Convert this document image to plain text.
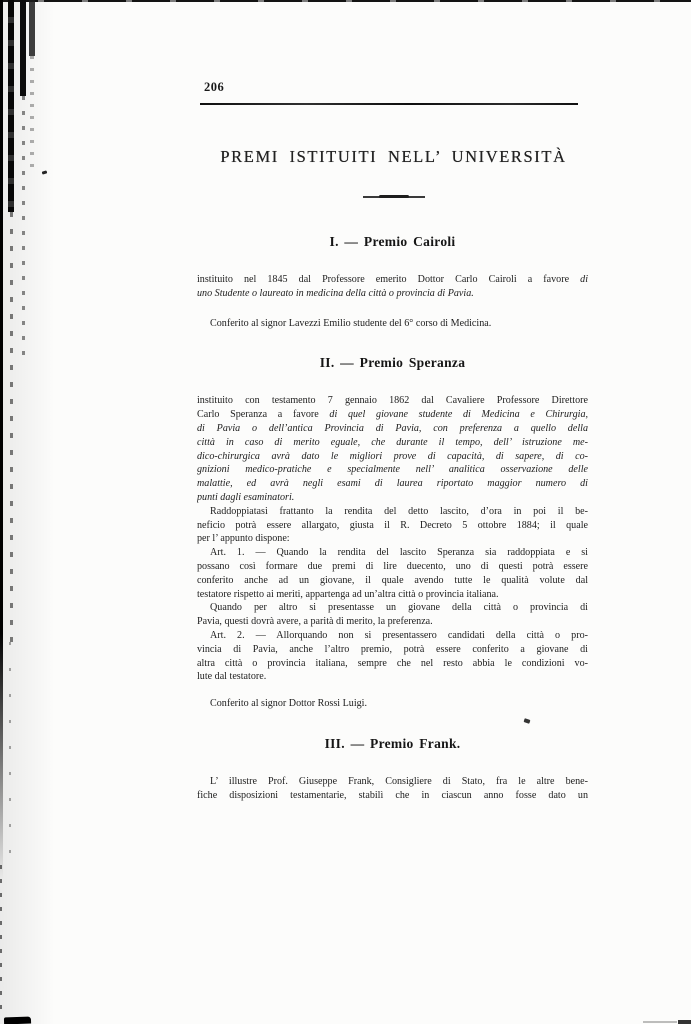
206
PREMI ISTITUITI NELL’ UNIVERSITÀ
I. — Premio Cairoli
instituito nel 1845 dal Professore emerito Dottor Carlo Cairoli a favore di
uno Studente o laureato in medicina della città o provincia di Pavia.
Conferito al signor Lavezzi Emilio studente del 6° corso di Medicina.
II. — Premio Speranza
instituito con testamento 7 gennaio 1862 dal Cavaliere Professore Direttore
Carlo Speranza a favore di quel giovane studente di Medicina e Chirurgia,
di Pavia o dell’antica Provincia di Pavia, con preferenza a quello della
città in caso di merito eguale, che durante il tempo, dell’ istruzione me-
dico-chirurgica avrà dato le migliori prove di capacità, di sapere, di co-
gnizioni medico-pratiche e specialmente nell’ analitica osservazione delle
malattie, ed avrà negli esami di laurea riportato maggior numero di
punti dagli esaminatori.
Raddoppiatasi frattanto la rendita del detto lascito, d’ora in poi il be-
neficio potrà essere allargato, giusta il R. Decreto 5 ottobre 1884; il quale
per l’ appunto dispone:
Art. 1. — Quando la rendita del lascito Speranza sia raddoppiata e si
possano così formare due premi di lire duecento, uno di questi potrà essere
conferito anche ad un giovane, il quale avendo tutte le qualità volute dal
testatore rispetto ai meriti, appartenga ad un’altra città o provincia italiana.
Quando per altro si presentasse un giovane della città o provincia di
Pavia, questi dovrà avere, a parità di merito, la preferenza.
Art. 2. — Allorquando non si presentassero candidati della città o pro-
vincia di Pavia, anche l’altro premio, potrà essere conferito a giovane di
altra città o provincia italiana, sempre che nel resto abbia le condizioni vo-
lute dal testatore.
Conferito al signor Dottor Rossi Luigi.
III. — Premio Frank.
L’ illustre Prof. Giuseppe Frank, Consigliere di Stato, fra le altre bene-
fiche disposizioni testamentarie, stabilì che in ciascun anno fosse dato un
